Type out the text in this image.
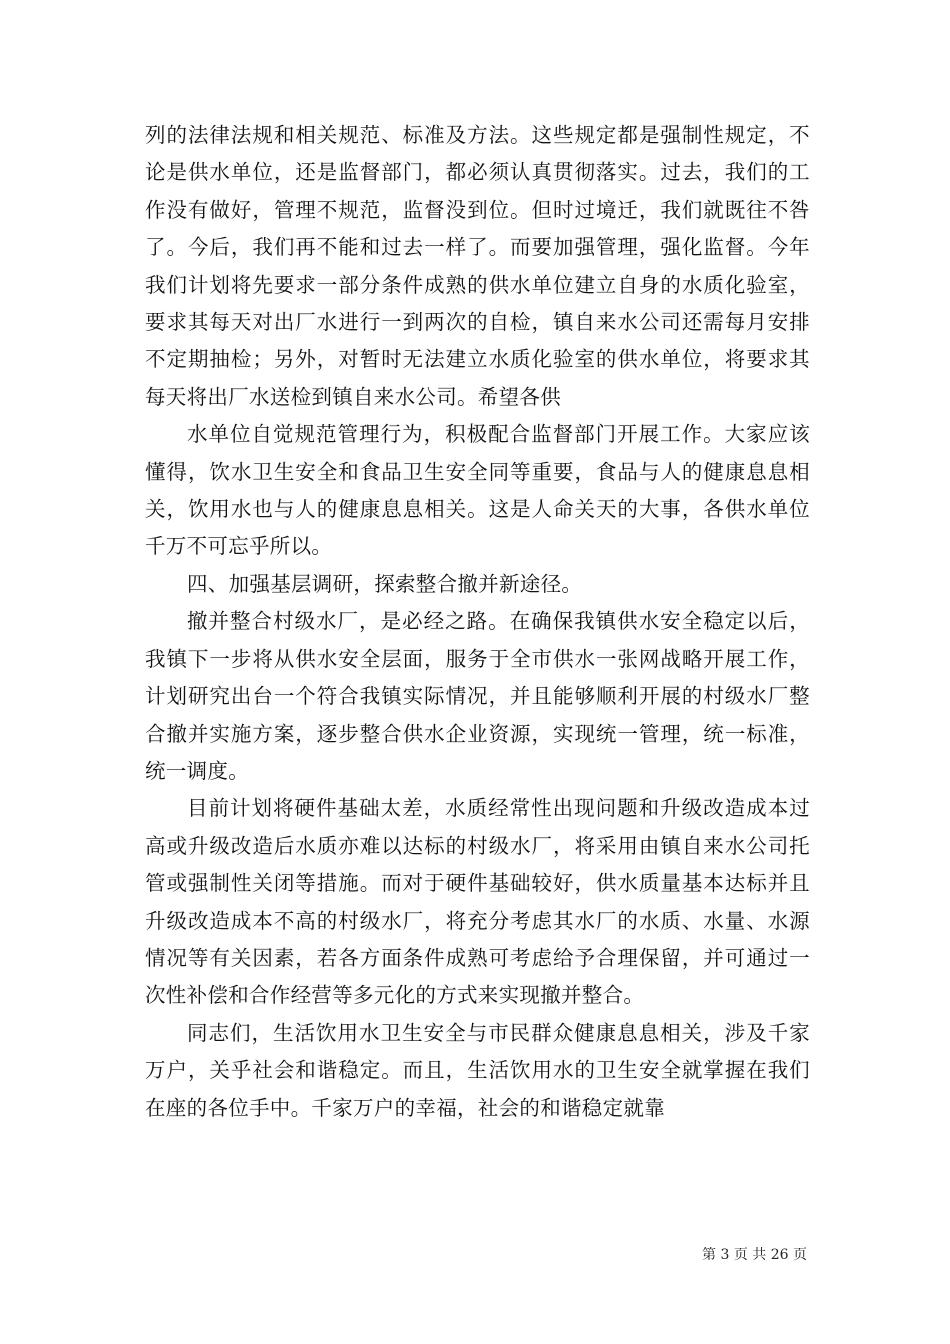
列的法律法规和相关规范、标准及方法。这些规定都是强制性规定，不论是供水单位，还是监督部门，都必须认真贯彻落实。过去，我们的工作没有做好，管理不规范，监督没到位。但时过境迁，我们就既往不咎了。今后，我们再不能和过去一样了。而要加强管理，强化监督。今年我们计划将先要求一部分条件成熟的供水单位建立自身的水质化验室，要求其每天对出厂水进行一到两次的自检，镇自来水公司还需每月安排不定期抽检；另外，对暂时无法建立水质化验室的供水单位，将要求其每天将出厂水送检到镇自来水公司。希望各供

水单位自觉规范管理行为，积极配合监督部门开展工作。大家应该懂得，饮水卫生安全和食品卫生安全同等重要，食品与人的健康息息相关，饮用水也与人的健康息息相关。这是人命关天的大事，各供水单位千万不可忘乎所以。

四、加强基层调研，探索整合撤并新途径。

撤并整合村级水厂，是必经之路。在确保我镇供水安全稳定以后，我镇下一步将从供水安全层面，服务于全市供水一张网战略开展工作，计划研究出台一个符合我镇实际情况，并且能够顺利开展的村级水厂整合撤并实施方案，逐步整合供水企业资源，实现统一管理，统一标准，统一调度。

目前计划将硬件基础太差，水质经常性出现问题和升级改造成本过高或升级改造后水质亦难以达标的村级水厂，将采用由镇自来水公司托管或强制性关闭等措施。而对于硬件基础较好，供水质量基本达标并且升级改造成本不高的村级水厂，将充分考虑其水厂的水质、水量、水源情况等有关因素，若各方面条件成熟可考虑给予合理保留，并可通过一次性补偿和合作经营等多元化的方式来实现撤并整合。

同志们，生活饮用水卫生安全与市民群众健康息息相关，涉及千家万户，关乎社会和谐稳定。而且，生活饮用水的卫生安全就掌握在我们在座的各位手中。千家万户的幸福，社会的和谐稳定就靠

第 3 页 共 26 页
